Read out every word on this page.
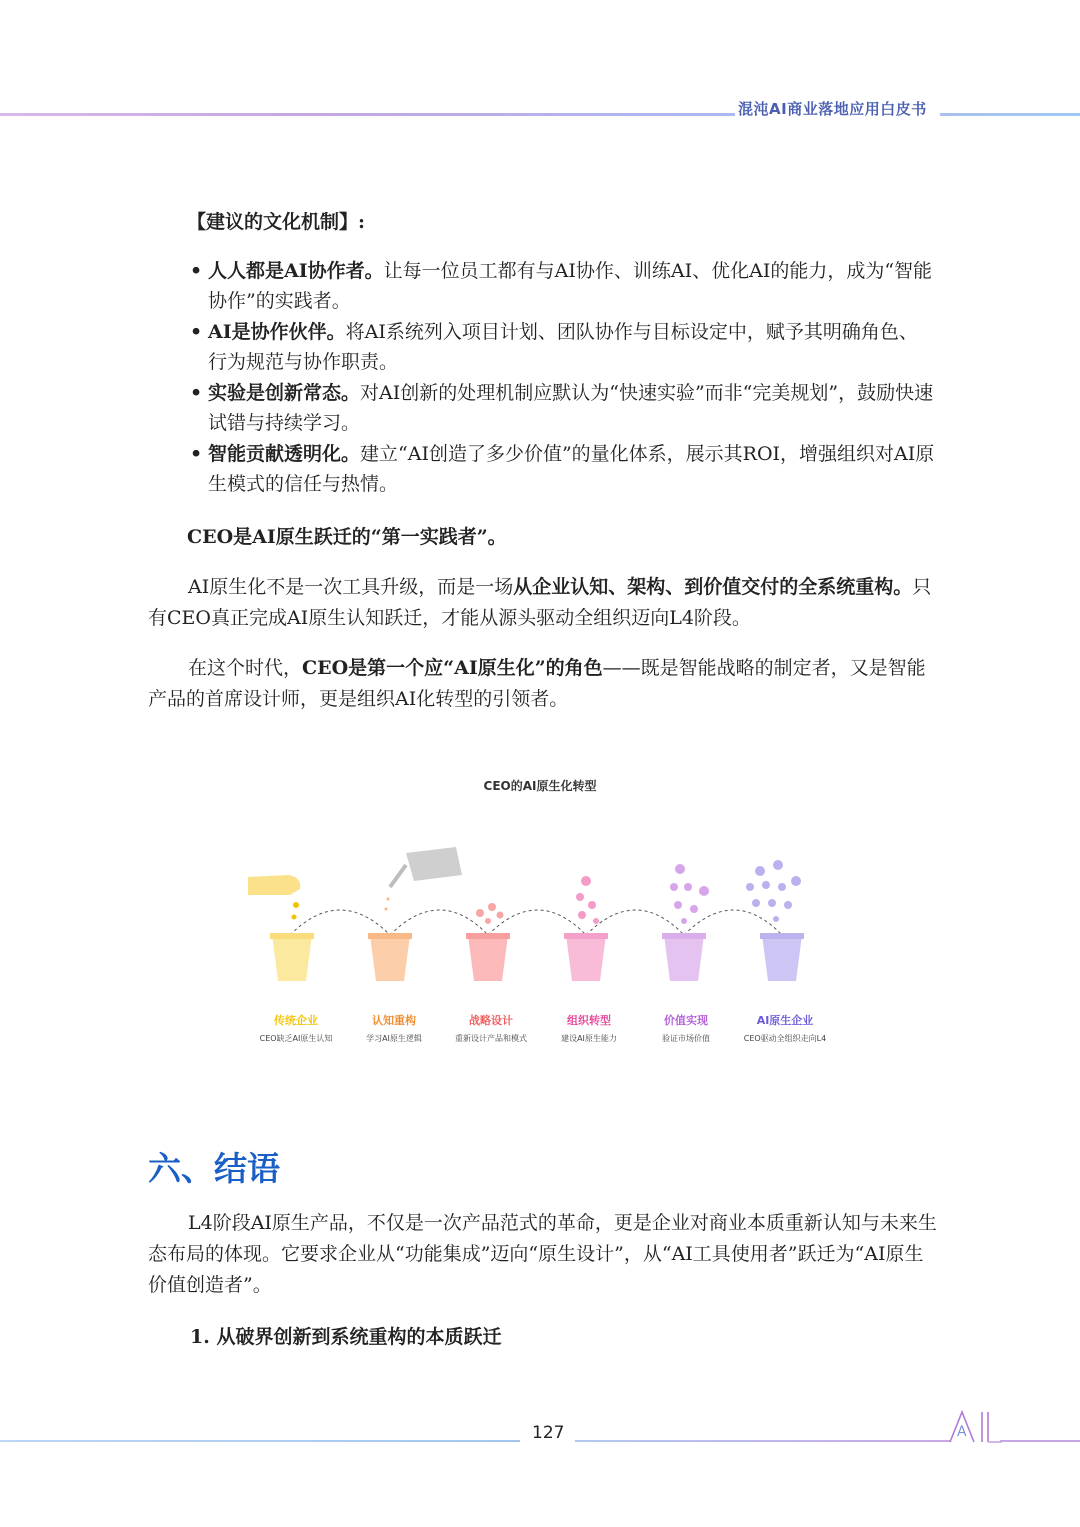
混沌AI商业落地应用白皮书
【建议的文化机制】:
• 人人都是AI协作者。让每一位员工都有与AI协作、训练AI、优化AI的能力，成为“智能协作”的实践者。
• AI是协作伙伴。将AI系统列入项目计划、团队协作与目标设定中，赋予其明确角色、行为规范与协作职责。
• 实验是创新常态。对AI创新的处理机制应默认为“快速实验”而非“完美规划”，鼓励快速试错与持续学习。
• 智能贡献透明化。建立“AI创造了多少价值”的量化体系，展示其ROI，增强组织对AI原生模式的信任与热情。
CEO是AI原生跃迁的“第一实践者”。
AI原生化不是一次工具升级，而是一场从企业认知、架构、到价值交付的全系统重构。只有CEO真正完成AI原生认知跃迁，才能从源头驱动全组织迈向L4阶段。
在这个时代，CEO是第一个应“AI原生化”的角色——既是智能战略的制定者，又是智能产品的首席设计师，更是组织AI化转型的引领者。
CEO的AI原生化转型
传统企业
CEO缺乏AI原生认知
认知重构
学习AI原生逻辑
战略设计
重新设计产品和模式
组织转型
建设AI原生能力
价值实现
验证市场价值
AI原生企业
CEO驱动全组织走向L4
六、结语
L4阶段AI原生产品，不仅是一次产品范式的革命，更是企业对商业本质重新认知与未来生态布局的体现。它要求企业从“功能集成”迈向“原生设计”，从“AI工具使用者”跃迁为“AI原生价值创造者”。
1. 从破界创新到系统重构的本质跃迁
127	A
